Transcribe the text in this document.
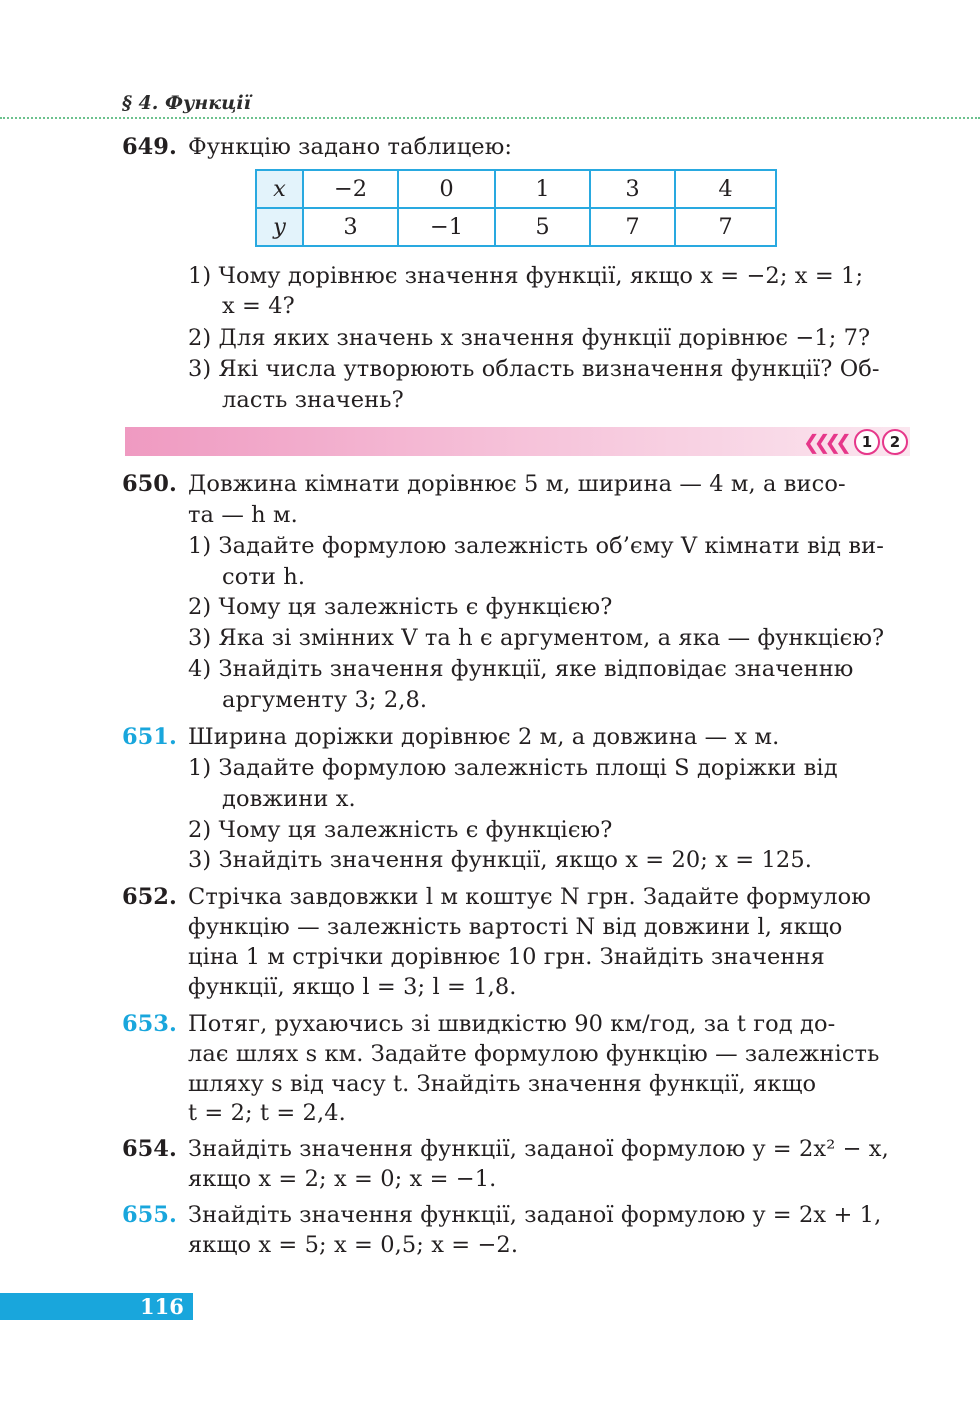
§ 4. Функції
649. Функцію задано таблицею:
x	−2	0	1	3	4
y	3	−1	5	7	7
1) Чому дорівнює значення функції, якщо x = −2; x = 1;
x = 4?
2) Для яких значень x значення функції дорівнює −1; 7?
3) Які числа утворюють область визначення функції? Об-
ласть значень?
❮❮❮❮	1	2
650. Довжина кімнати дорівнює 5 м, ширина — 4 м, а висо-
та — h м.
1) Задайте формулою залежність об’єму V кімнати від ви-
соти h.
2) Чому ця залежність є функцією?
3) Яка зі змінних V та h є аргументом, а яка — функцією?
4) Знайдіть значення функції, яке відповідає значенню
аргументу 3; 2,8.
651. Ширина доріжки дорівнює 2 м, а довжина — x м.
1) Задайте формулою залежність площі S доріжки від
довжини x.
2) Чому ця залежність є функцією?
3) Знайдіть значення функції, якщо x = 20; x = 125.
652. Стрічка завдовжки l м коштує N грн. Задайте формулою
функцію — залежність вартості N від довжини l, якщо
ціна 1 м стрічки дорівнює 10 грн. Знайдіть значення
функції, якщо l = 3; l = 1,8.
653. Потяг, рухаючись зі швидкістю 90 км/год, за t год до-
лає шлях s км. Задайте формулою функцію — залежність
шляху s від часу t. Знайдіть значення функції, якщо
t = 2; t = 2,4.
654. Знайдіть значення функції, заданої формулою y = 2x² − x,
якщо x = 2; x = 0; x = −1.
655. Знайдіть значення функції, заданої формулою y = 2x + 1,
якщо x = 5; x = 0,5; x = −2.
116
